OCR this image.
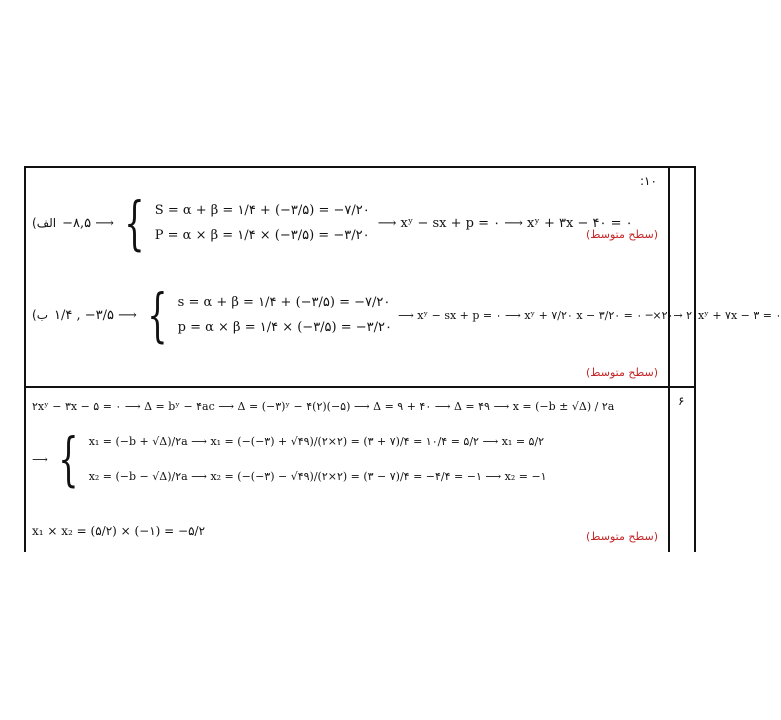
:۱۰
(الف −۸,۵ ⟶ { S = α + β = ۱/۴ + (−۳/۵) = −۷/۲۰
P = α × β = ۱/۴ × (−۳/۵) = −۳/۲۰
⟶ xʸ − sx + p = ۰ ⟶ xʸ + ۳x − ۴۰ = ۰
(سطح متوسط)
(ب ۱/۴ , −۳/۵ ⟶ { s = α + β = ۱/۴ + (−۳/۵) = −۷/۲۰
p = α × β = ۱/۴ × (−۳/۵) = −۳/۲۰
⟶ xʸ − sx + p = ۰ ⟶ xʸ + ۷/۲۰ x − ۳/۲۰ = ۰ ─×۲۰→ ۲۰xʸ + ۷x − ۳ = ۰
(سطح متوسط)
۶
۲xʸ − ۳x − ۵ = ۰ ⟶ Δ = bʸ − ۴ac ⟶ Δ = (−۳)ʸ − ۴(۲)(−۵) ⟶ Δ = ۹ + ۴۰ ⟶ Δ = ۴۹ ⟶ x = (−b ± √Δ) / ۲a
⟶ { x₁ = (−b + √Δ)/۲a ⟶ x₁ = (−(−۳) + √۴۹)/(۲×۲) = (۳ + ۷)/۴ = ۱۰/۴ = ۵/۲ ⟶ x₁ = ۵/۲
x₂ = (−b − √Δ)/۲a ⟶ x₂ = (−(−۳) − √۴۹)/(۲×۲) = (۳ − ۷)/۴ = −۴/۴ = −۱ ⟶ x₂ = −۱
x₁ × x₂ = (۵/۲) × (−۱) = −۵/۲	(سطح متوسط)
